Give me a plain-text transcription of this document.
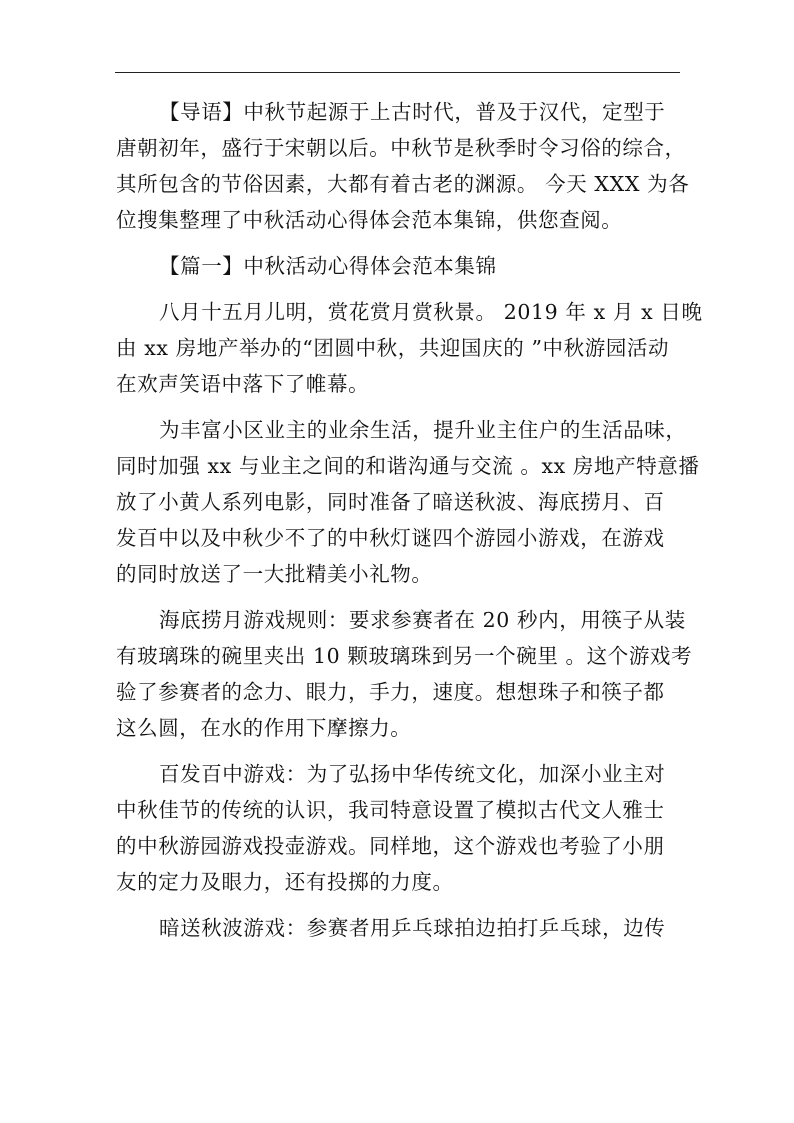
【导语】中秋节起源于上古时代，普及于汉代，定型于
唐朝初年，盛行于宋朝以后。中秋节是秋季时令习俗的综合，
其所包含的节俗因素，大都有着古老的渊源。 今天 XXX 为各
位搜集整理了中秋活动心得体会范本集锦，供您查阅。
【篇一】中秋活动心得体会范本集锦
八月十五月儿明，赏花赏月赏秋景。 2019 年 x 月 x 日晚
由 xx 房地产举办的“团圆中秋，共迎国庆的 ”中秋游园活动
在欢声笑语中落下了帷幕。
为丰富小区业主的业余生活，提升业主住户的生活品味，
同时加强 xx 与业主之间的和谐沟通与交流 。xx 房地产特意播
放了小黄人系列电影，同时准备了暗送秋波、海底捞月、百
发百中以及中秋少不了的中秋灯谜四个游园小游戏，在游戏
的同时放送了一大批精美小礼物。
海底捞月游戏规则：要求参赛者在 20 秒内，用筷子从装
有玻璃珠的碗里夹出 10 颗玻璃珠到另一个碗里 。这个游戏考
验了参赛者的念力、眼力，手力，速度。想想珠子和筷子都
这么圆，在水的作用下摩擦力。
百发百中游戏：为了弘扬中华传统文化，加深小业主对
中秋佳节的传统的认识，我司特意设置了模拟古代文人雅士
的中秋游园游戏投壶游戏。同样地，这个游戏也考验了小朋
友的定力及眼力，还有投掷的力度。
暗送秋波游戏：参赛者用乒乓球拍边拍打乒乓球，边传
